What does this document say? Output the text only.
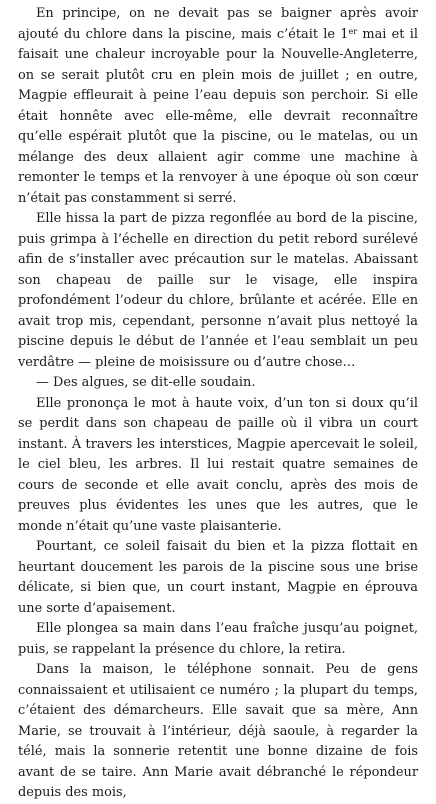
En principe, on ne devait pas se baigner après avoir ajouté du chlore dans la piscine, mais c’était le 1er mai et il faisait une chaleur incroyable pour la Nouvelle-Angleterre, on se serait plutôt cru en plein mois de juillet ; en outre, Magpie effleurait à peine l’eau depuis son perchoir. Si elle était honnête avec elle-même, elle devrait reconnaître qu’elle espérait plutôt que la piscine, ou le matelas, ou un mélange des deux allaient agir comme une machine à remonter le temps et la renvoyer à une époque où son cœur n’était pas constamment si serré.

Elle hissa la part de pizza regonflée au bord de la piscine, puis grimpa à l’échelle en direction du petit rebord surélevé afin de s’installer avec précaution sur le matelas. Abaissant son chapeau de paille sur le visage, elle inspira profondément l’odeur du chlore, brûlante et acérée. Elle en avait trop mis, cependant, personne n’avait plus nettoyé la piscine depuis le début de l’année et l’eau semblait un peu verdâtre — pleine de moisissure ou d’autre chose…

— Des algues, se dit-elle soudain.

Elle prononça le mot à haute voix, d’un ton si doux qu’il se perdit dans son chapeau de paille où il vibra un court instant. À travers les interstices, Magpie apercevait le soleil, le ciel bleu, les arbres. Il lui restait quatre semaines de cours de seconde et elle avait conclu, après des mois de preuves plus évidentes les unes que les autres, que le monde n’était qu’une vaste plaisanterie.

Pourtant, ce soleil faisait du bien et la pizza flottait en heurtant doucement les parois de la piscine sous une brise délicate, si bien que, un court instant, Magpie en éprouva une sorte d’apaisement.

Elle plongea sa main dans l’eau fraîche jusqu’au poignet, puis, se rappelant la présence du chlore, la retira.

Dans la maison, le téléphone sonnait. Peu de gens connaissaient et utilisaient ce numéro ; la plupart du temps, c’étaient des démarcheurs. Elle savait que sa mère, Ann Marie, se trouvait à l’intérieur, déjà saoule, à regarder la télé, mais la sonnerie retentit une bonne dizaine de fois avant de se taire. Ann Marie avait débranché le répondeur depuis des mois,
